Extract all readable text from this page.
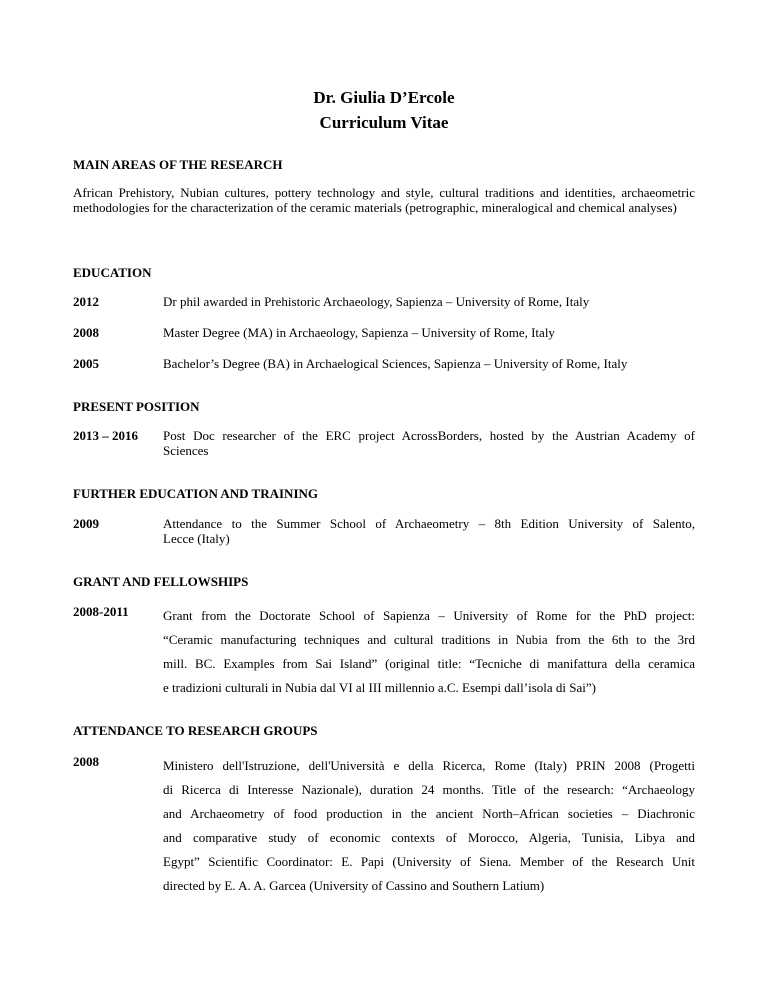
Dr. Giulia D’Ercole
Curriculum Vitae
MAIN AREAS OF THE RESEARCH

African Prehistory, Nubian cultures, pottery technology and style, cultural traditions and identities, archaeometric methodologies for the characterization of the ceramic materials (petrographic, mineralogical and chemical analyses)

EDUCATION
2012	Dr phil awarded in Prehistoric Archaeology, Sapienza – University of Rome, Italy
2008	Master Degree (MA) in Archaeology, Sapienza – University of Rome, Italy
2005	Bachelor’s Degree (BA) in Archaelogical Sciences, Sapienza – University of Rome, Italy
PRESENT POSITION
2013 – 2016 Post Doc researcher of the ERC project AcrossBorders, hosted by the Austrian Academy of
Sciences
FURTHER EDUCATION AND TRAINING
2009	Attendance to the Summer School of Archaeometry – 8th Edition University of Salento,
Lecce (Italy)
GRANT AND FELLOWSHIPS
2008-2011	Grant from the Doctorate School of Sapienza – University of Rome for the PhD project:
“Ceramic manufacturing techniques and cultural traditions in Nubia from the 6th to the 3rd
mill. BC. Examples from Sai Island” (original title: “Tecniche di manifattura della ceramica
e tradizioni culturali in Nubia dal VI al III millennio a.C. Esempi dall’isola di Sai”)
ATTENDANCE TO RESEARCH GROUPS
2008	Ministero dell'Istruzione, dell'Università e della Ricerca, Rome (Italy) PRIN 2008 (Progetti
di Ricerca di Interesse Nazionale), duration 24 months. Title of the research: “Archaeology
and Archaeometry of food production in the ancient North–African societies – Diachronic
and comparative study of economic contexts of Morocco, Algeria, Tunisia, Libya and
Egypt” Scientific Coordinator: E. Papi (University of Siena. Member of the Research Unit
directed by E. A. A. Garcea (University of Cassino and Southern Latium)
